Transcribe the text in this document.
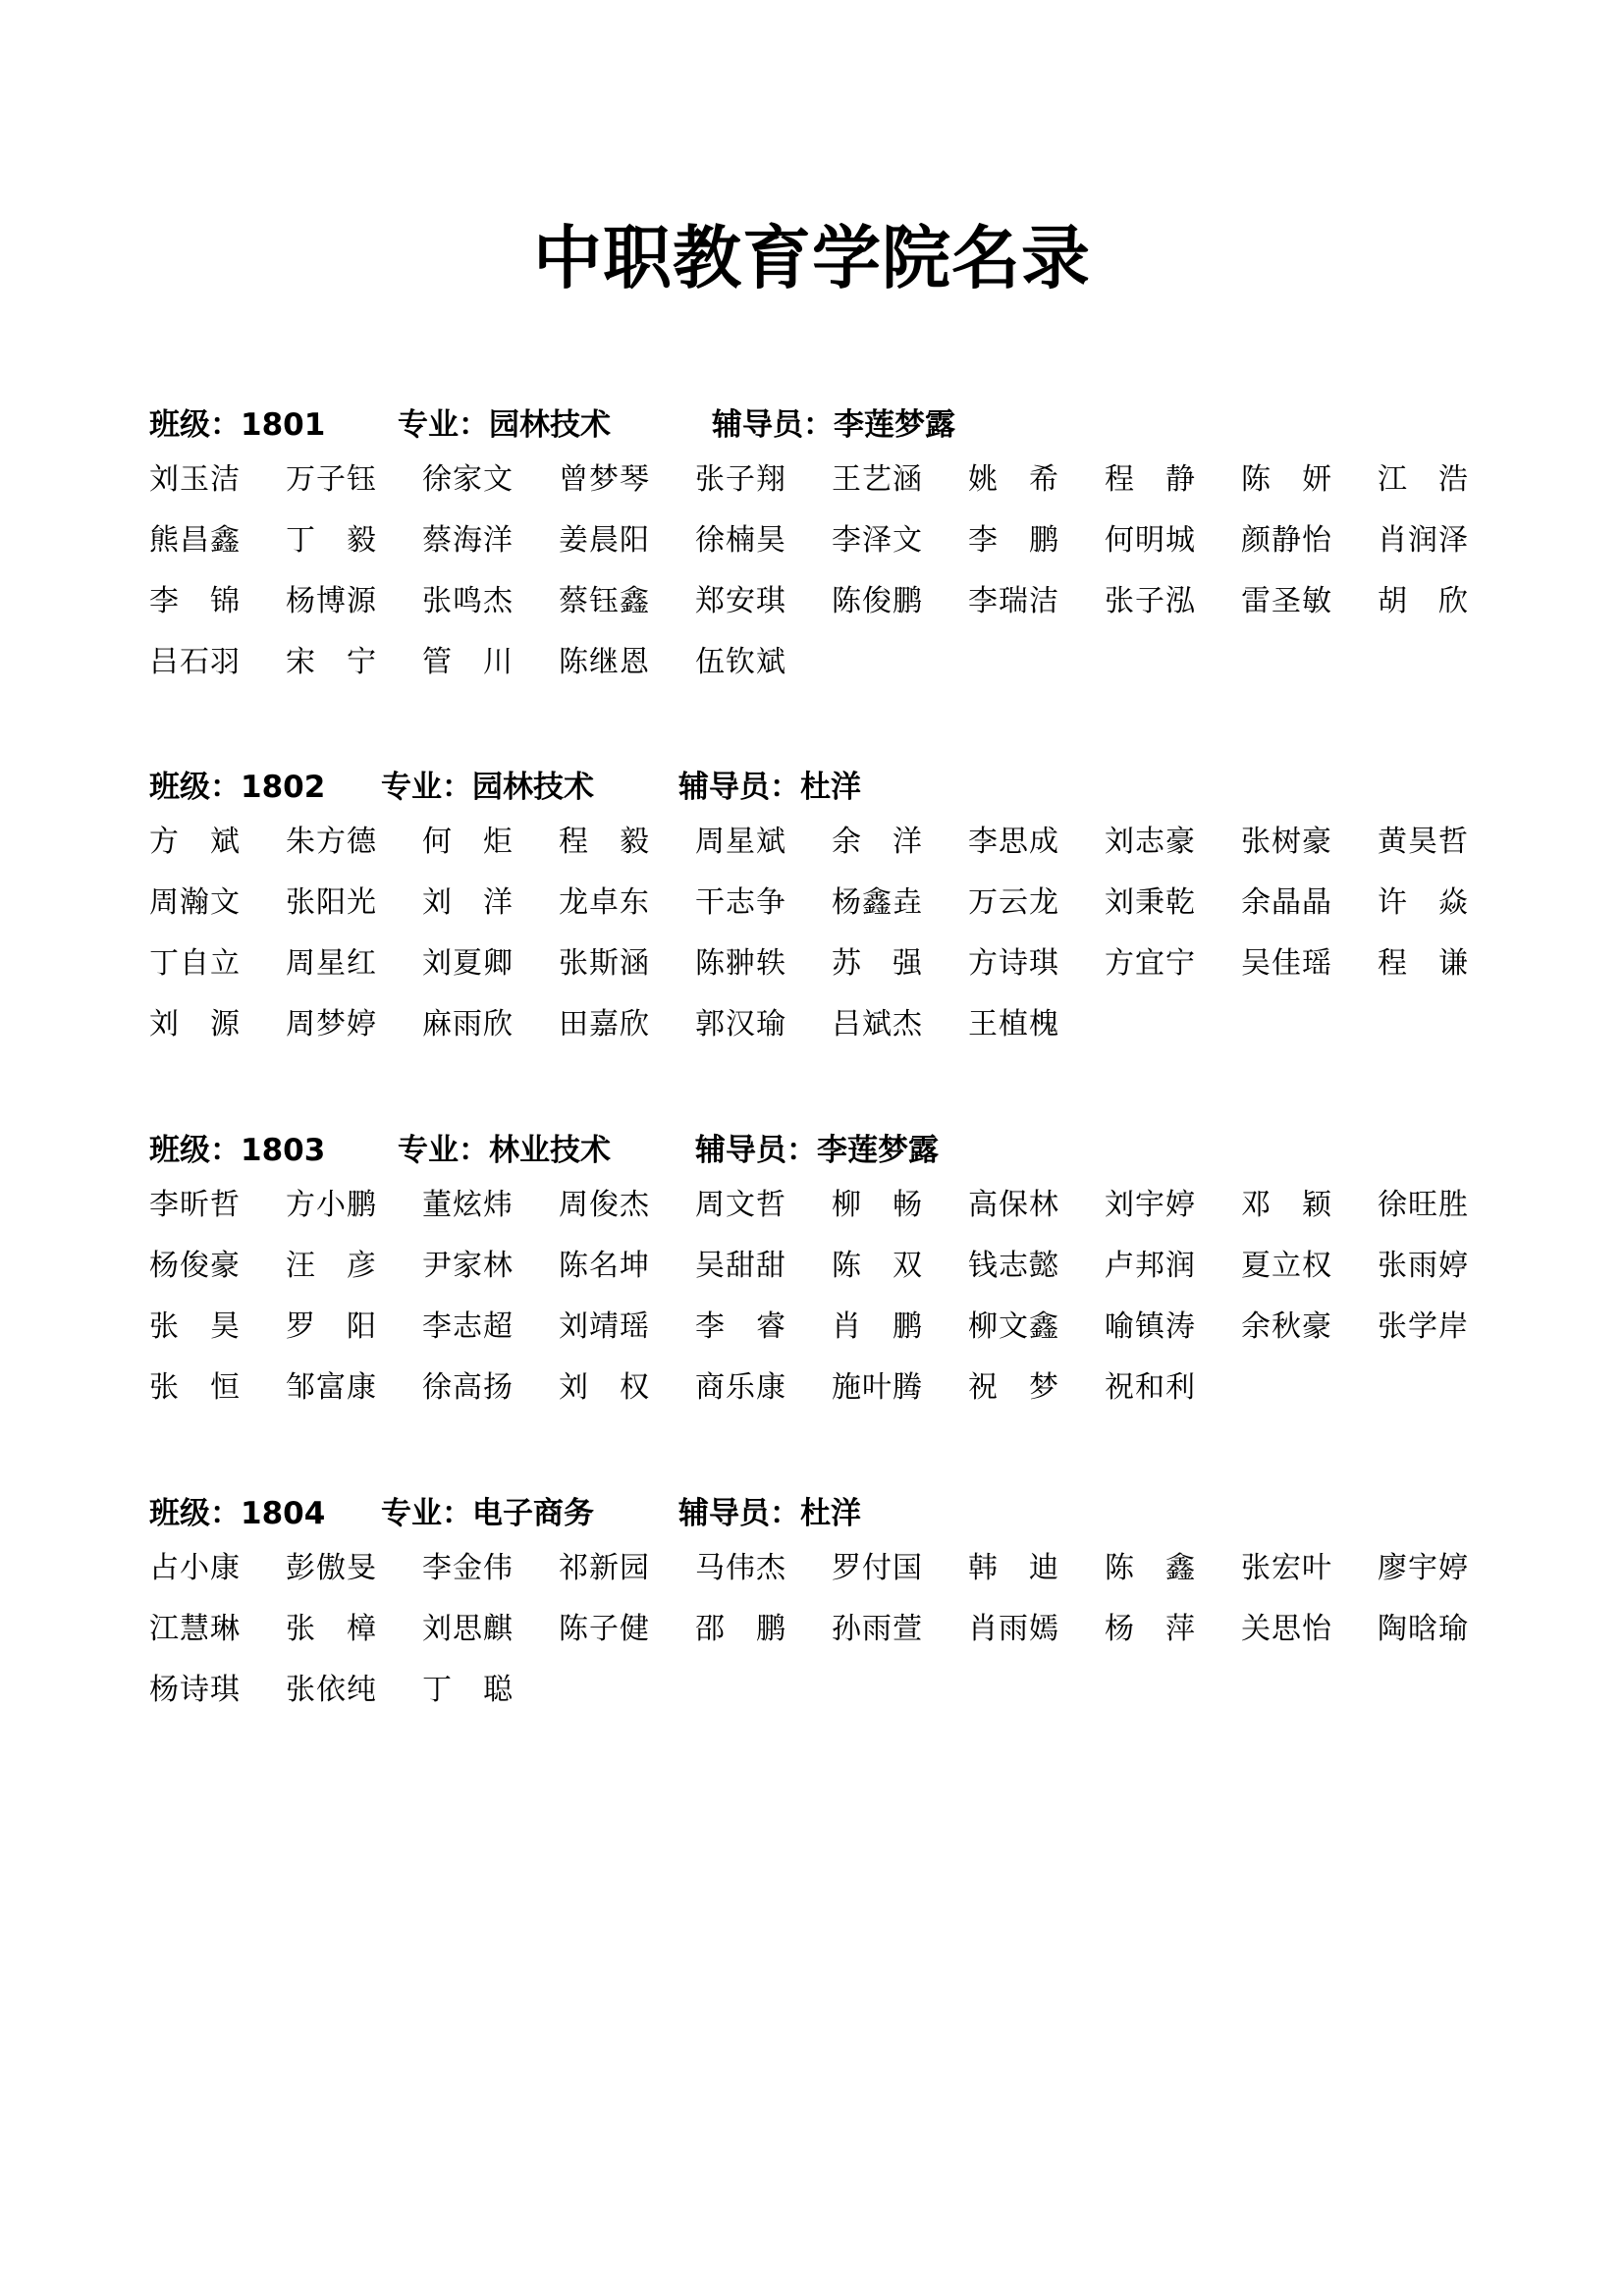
中职教育学院名录
班级：1801 专业：园林技术	辅导员：李莲梦露
刘玉洁	万子钰	徐家文	曾梦琴	张子翔	王艺涵	姚　希	程　静	陈　妍	江　浩
熊昌鑫	丁　毅	蔡海洋	姜晨阳	徐楠昊	李泽文	李　鹏	何明城	颜静怡	肖润泽
李　锦	杨博源	张鸣杰	蔡钰鑫	郑安琪	陈俊鹏	李瑞洁	张子泓	雷圣敏	胡　欣
吕石羽	宋　宁	管　川	陈继恩	伍钦斌
班级：1802 专业：园林技术	辅导员：杜洋
方　斌	朱方德	何　炬	程　毅	周星斌	余　洋	李思成	刘志豪	张树豪	黄昊哲
周瀚文	张阳光	刘　洋	龙卓东	干志争	杨鑫垚	万云龙	刘秉乾	余晶晶	许　焱
丁自立	周星红	刘夏卿	张斯涵	陈翀轶	苏　强	方诗琪	方宜宁	吴佳瑶	程　谦
刘　源	周梦婷	麻雨欣	田嘉欣	郭汉瑜	吕斌杰	王植槐
班级：1803 专业：林业技术	辅导员：李莲梦露
李昕哲	方小鹏	董炫炜	周俊杰	周文哲	柳　畅	高保林	刘宇婷	邓　颖	徐旺胜
杨俊豪	汪　彦	尹家林	陈名坤	吴甜甜	陈　双	钱志懿	卢邦润	夏立权	张雨婷
张　昊	罗　阳	李志超	刘靖瑶	李　睿	肖　鹏	柳文鑫	喻镇涛	余秋豪	张学岸
张　恒	邹富康	徐高扬	刘　权	商乐康	施叶腾	祝　梦	祝和利
班级：1804 专业：电子商务	辅导员：杜洋
占小康	彭傲旻	李金伟	祁新园	马伟杰	罗付国	韩　迪	陈　鑫	张宏叶	廖宇婷
江慧琳	张　樟	刘思麒	陈子健	邵　鹏	孙雨萱	肖雨嫣	杨　萍	关思怡	陶晗瑜
杨诗琪	张依纯	丁　聪
